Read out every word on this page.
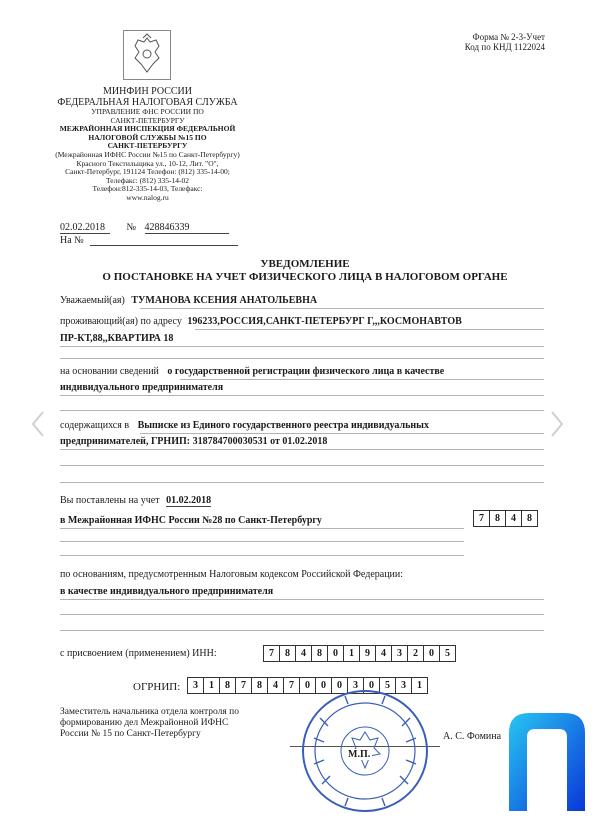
Форма № 2-3-Учет
Код по КНД 1122024
МИНФИН РОССИИ
ФЕДЕРАЛЬНАЯ НАЛОГОВАЯ СЛУЖБА
УПРАВЛЕНИЕ ФНС РОССИИ ПО
САНКТ-ПЕТЕРБУРГУ
МЕЖРАЙОННАЯ ИНСПЕКЦИЯ ФЕДЕРАЛЬНОЙ
НАЛОГОВОЙ СЛУЖБЫ №15 ПО
САНКТ-ПЕТЕРБУРГУ
(Межрайонная ИФНС России №15 по Санкт-Петербургу)
Красного Текстильщика ул., 10-12, Лит. "О",
Санкт-Петербург, 191124 Телефон: (812) 335-14-00;
Телефакс: (812) 335-14-02
Телефон:812-335-14-03, Телефакс:
www.nalog.ru
02.02.2018 № 428846339
На №
УВЕДОМЛЕНИЕ
О ПОСТАНОВКЕ НА УЧЕТ ФИЗИЧЕСКОГО ЛИЦА В НАЛОГОВОМ ОРГАНЕ
Уважаемый(ая) ТУМАНОВА КСЕНИЯ АНАТОЛЬЕВНА
проживающий(ая) по адресу 196233,РОССИЯ,САНКТ-ПЕТЕРБУРГ Г,,,КОСМОНАВТОВ
ПР-КТ,88,,КВАРТИРА 18
на основании сведений о государственной регистрации физического лица в качестве
индивидуального предпринимателя
содержащихся в Выписке из Единого государственного реестра индивидуальных
предпринимателей, ГРНИП: 318784700030531 от 01.02.2018
Вы поставлены на учет 01.02.2018
в Межрайонная ИФНС России №28 по Санкт-Петербургу	7	8	4	8
по основаниям, предусмотренным Налоговым кодексом Российской Федерации:
в качестве индивидуального предпринимателя
с присвоением (применением) ИНН:	7	8	4	8	0	1	9	4	3	2	0	5
ОГРНИП:	3	1	8	7	8	4	7	0	0	0	3	0	5	3	1
Заместитель начальника отдела контроля по
формированию дел Межрайонной ИФНС
России № 15 по Санкт-Петербургу	А. С. Фомина
М.П.
